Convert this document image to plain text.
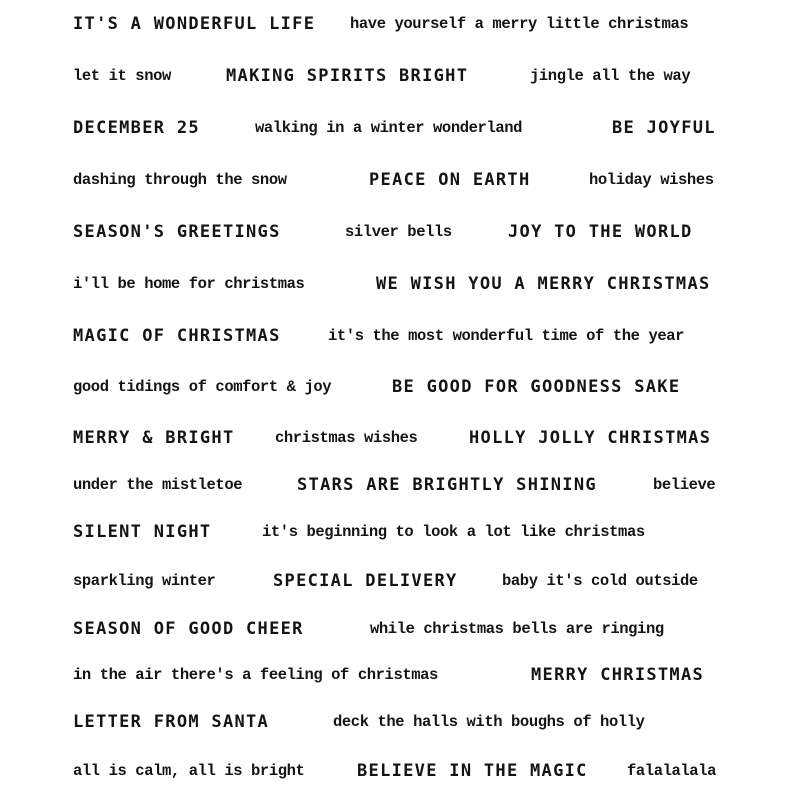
IT'S A WONDERFUL LIFE have yourself a merry little christmas
let it snow	MAKING SPIRITS BRIGHT	jingle all the way
DECEMBER 25	walking in a winter wonderland	BE JOYFUL
dashing through the snow	PEACE ON EARTH	holiday wishes
SEASON'S GREETINGS	silver bells	JOY TO THE WORLD
i'll be home for christmas	WE WISH YOU A MERRY CHRISTMAS
MAGIC OF CHRISTMAS	it's the most wonderful time of the year
good tidings of comfort & joy	BE GOOD FOR GOODNESS SAKE
MERRY & BRIGHT	christmas wishes	HOLLY JOLLY CHRISTMAS
under the mistletoe	STARS ARE BRIGHTLY SHINING	believe
SILENT NIGHT	it's beginning to look a lot like christmas
sparkling winter	SPECIAL DELIVERY	baby it's cold outside
SEASON OF GOOD CHEER	while christmas bells are ringing
in the air there's a feeling of christmas	MERRY CHRISTMAS
LETTER FROM SANTA	deck the halls with boughs of holly
all is calm, all is bright	BELIEVE IN THE MAGIC	falalalala
